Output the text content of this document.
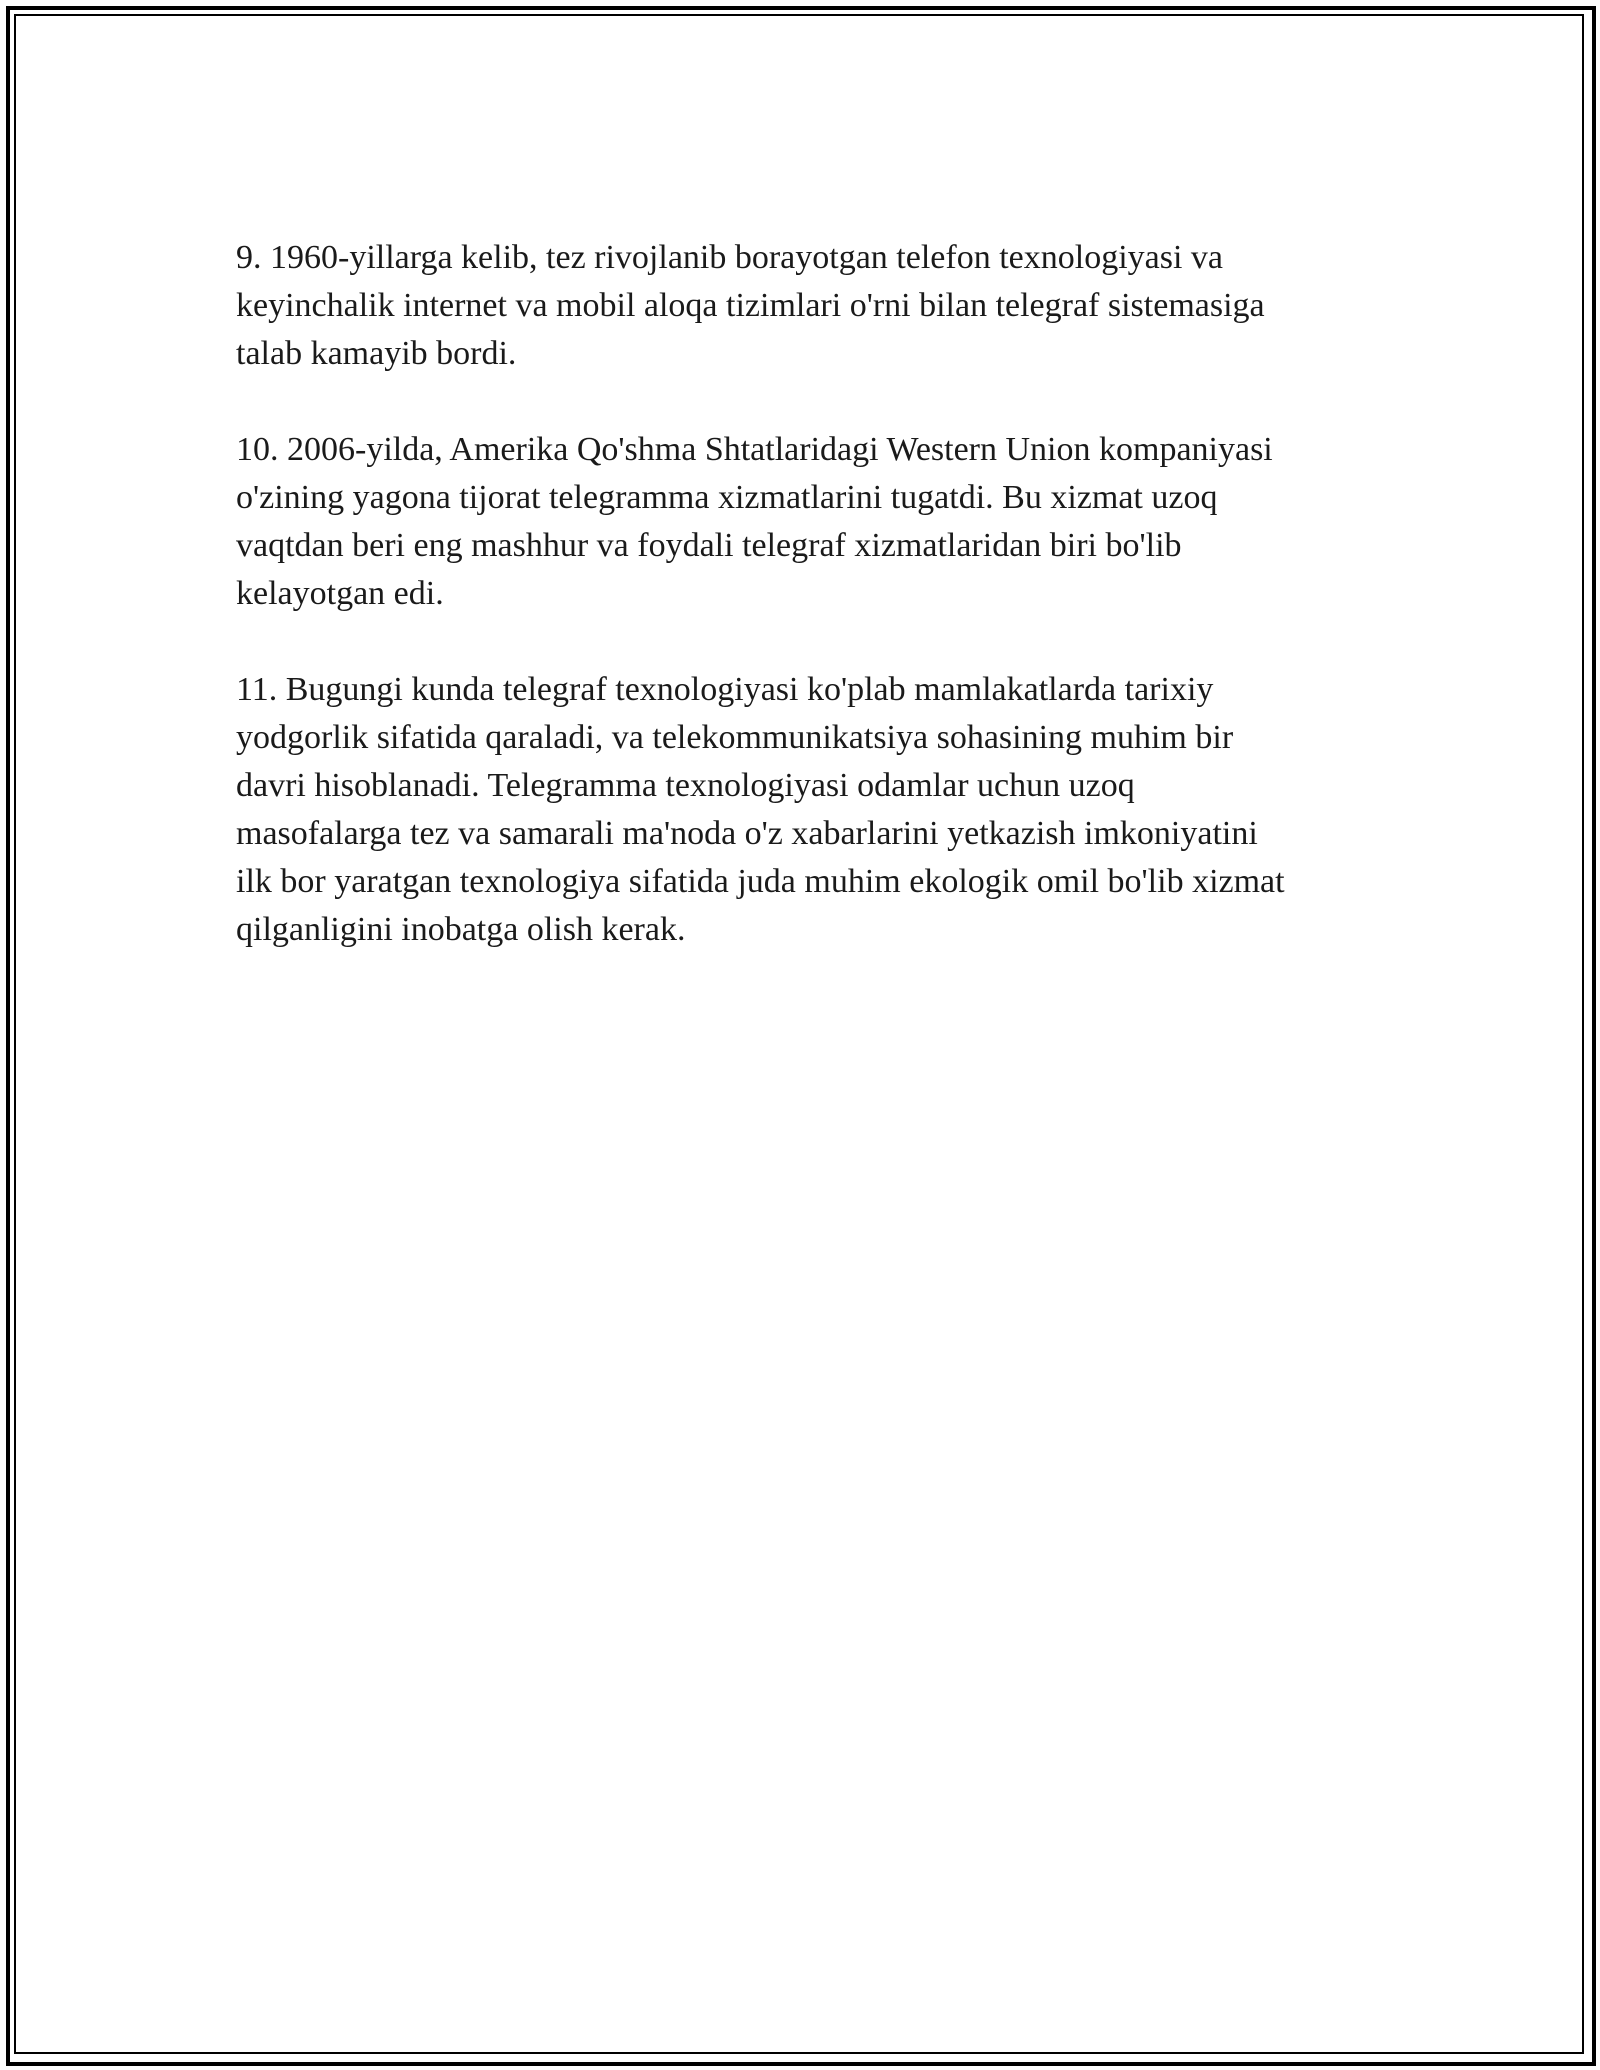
9. 1960-yillarga kelib, tez rivojlanib borayotgan telefon texnologiyasi va
keyinchalik internet va mobil aloqa tizimlari o'rni bilan telegraf sistemasiga
talab kamayib bordi.

10. 2006-yilda, Amerika Qo'shma Shtatlaridagi Western Union kompaniyasi
o'zining yagona tijorat telegramma xizmatlarini tugatdi. Bu xizmat uzoq
vaqtdan beri eng mashhur va foydali telegraf xizmatlaridan biri bo'lib
kelayotgan edi.

11. Bugungi kunda telegraf texnologiyasi ko'plab mamlakatlarda tarixiy
yodgorlik sifatida qaraladi, va telekommunikatsiya sohasining muhim bir
davri hisoblanadi. Telegramma texnologiyasi odamlar uchun uzoq
masofalarga tez va samarali ma'noda o'z xabarlarini yetkazish imkoniyatini
ilk bor yaratgan texnologiya sifatida juda muhim ekologik omil bo'lib xizmat
qilganligini inobatga olish kerak.
